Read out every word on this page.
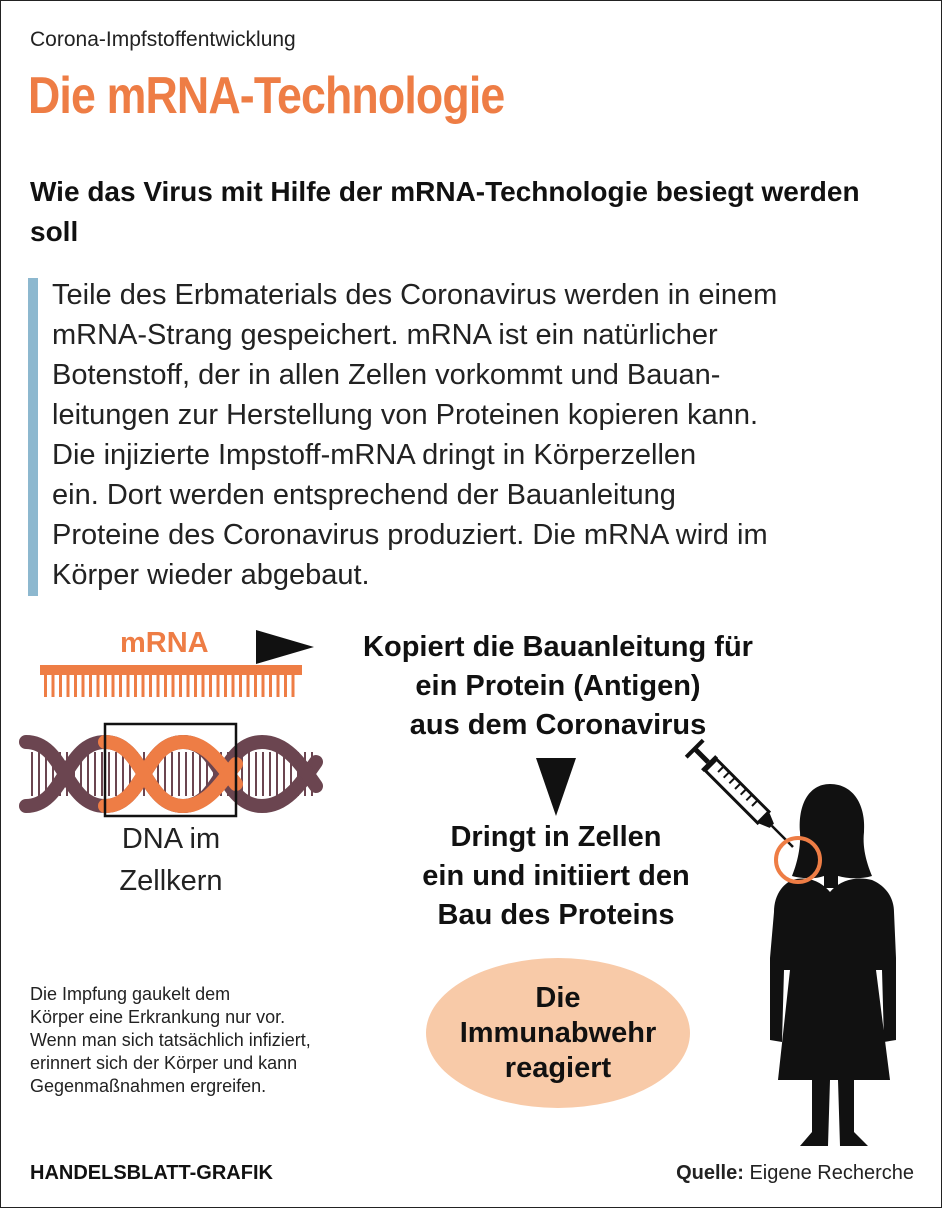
Corona-Impfstoffentwicklung
Die mRNA-Technologie
Wie das Virus mit Hilfe der mRNA-Technologie besiegt werden soll
Teile des Erbmaterials des Coronavirus werden in einem
mRNA-Strang gespeichert. mRNA ist ein natürlicher
Botenstoff, der in allen Zellen vorkommt und Bauan-
leitungen zur Herstellung von Proteinen kopieren kann.
Die injizierte Impstoff-mRNA dringt in Körperzellen
ein. Dort werden entsprechend der Bauanleitung
Proteine des Coronavirus produziert. Die mRNA wird im
Körper wieder abgebaut.
mRNA
DNA im
Zellkern
Kopiert die Bauanleitung für
ein Protein (Antigen)
aus dem Coronavirus
Dringt in Zellen
ein und initiiert den
Bau des Proteins
Die
Immunabwehr
reagiert
Die Impfung gaukelt dem
Körper eine Erkrankung nur vor.
Wenn man sich tatsächlich infiziert,
erinnert sich der Körper und kann
Gegenmaßnahmen ergreifen.
HANDELSBLATT-GRAFIK	Quelle: Eigene Recherche
